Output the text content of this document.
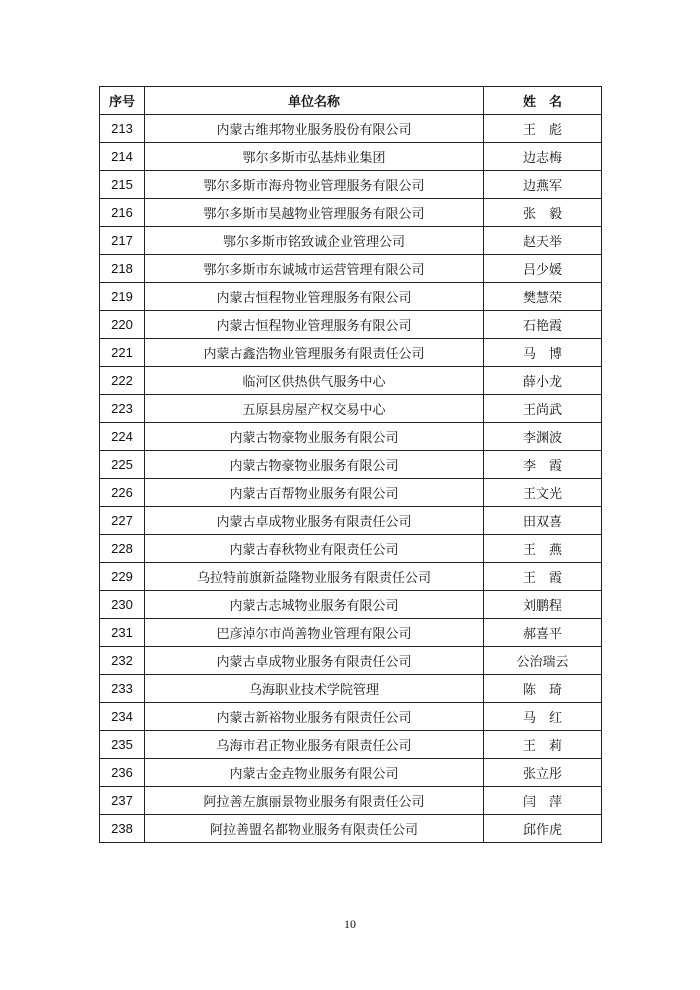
序号	单位名称	姓　名
213	内蒙古维邦物业服务股份有限公司	王　彪
214	鄂尔多斯市弘基炜业集团	边志梅
215	鄂尔多斯市海舟物业管理服务有限公司	边燕军
216	鄂尔多斯市昊越物业管理服务有限公司	张　毅
217	鄂尔多斯市铭致诚企业管理公司	赵天举
218	鄂尔多斯市东诚城市运营管理有限公司	吕少媛
219	内蒙古恒程物业管理服务有限公司	樊慧荣
220	内蒙古恒程物业管理服务有限公司	石艳霞
221	内蒙古鑫浩物业管理服务有限责任公司	马　博
222	临河区供热供气服务中心	薛小龙
223	五原县房屋产权交易中心	王尚武
224	内蒙古物豪物业服务有限公司	李渊波
225	内蒙古物豪物业服务有限公司	李　霞
226	内蒙古百帮物业服务有限公司	王文光
227	内蒙古卓成物业服务有限责任公司	田双喜
228	内蒙古春秋物业有限责任公司	王　燕
229	乌拉特前旗新益隆物业服务有限责任公司	王　霞
230	内蒙古志城物业服务有限公司	刘鹏程
231	巴彦淖尔市尚善物业管理有限公司	郝喜平
232	内蒙古卓成物业服务有限责任公司	公治瑞云
233	乌海职业技术学院管理	陈　琦
234	内蒙古新裕物业服务有限责任公司	马　红
235	乌海市君正物业服务有限责任公司	王　莉
236	内蒙古金垚物业服务有限公司	张立彤
237	阿拉善左旗丽景物业服务有限责任公司	闫　萍
238	阿拉善盟名都物业服务有限责任公司	邱作虎
10
